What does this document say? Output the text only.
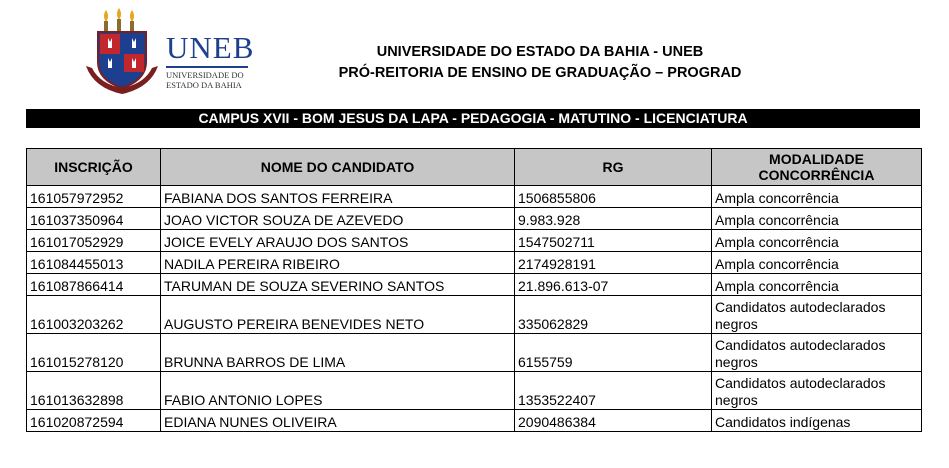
UNEB
UNIVERSIDADE DO
ESTADO DA BAHIA
UNIVERSIDADE DO ESTADO DA BAHIA - UNEB
PRÓ-REITORIA DE ENSINO DE GRADUAÇÃO – PROGRAD
CAMPUS XVII - BOM JESUS DA LAPA - PEDAGOGIA - MATUTINO - LICENCIATURA
INSCRIÇÃO	NOME DO CANDIDATO	RG	MODALIDADE CONCORRÊNCIA
161057972952	FABIANA DOS SANTOS FERREIRA	1506855806	Ampla concorrência
161037350964	JOAO VICTOR SOUZA DE AZEVEDO	9.983.928	Ampla concorrência
161017052929	JOICE EVELY ARAUJO DOS SANTOS	1547502711	Ampla concorrência
161084455013	NADILA PEREIRA RIBEIRO	2174928191	Ampla concorrência
161087866414	TARUMAN DE SOUZA SEVERINO SANTOS	21.896.613-07	Ampla concorrência
161003203262	AUGUSTO PEREIRA BENEVIDES NETO	335062829	Candidatos autodeclarados negros
161015278120	BRUNNA BARROS DE LIMA	6155759	Candidatos autodeclarados negros
161013632898	FABIO ANTONIO LOPES	1353522407	Candidatos autodeclarados negros
161020872594	EDIANA NUNES OLIVEIRA	2090486384	Candidatos indígenas
